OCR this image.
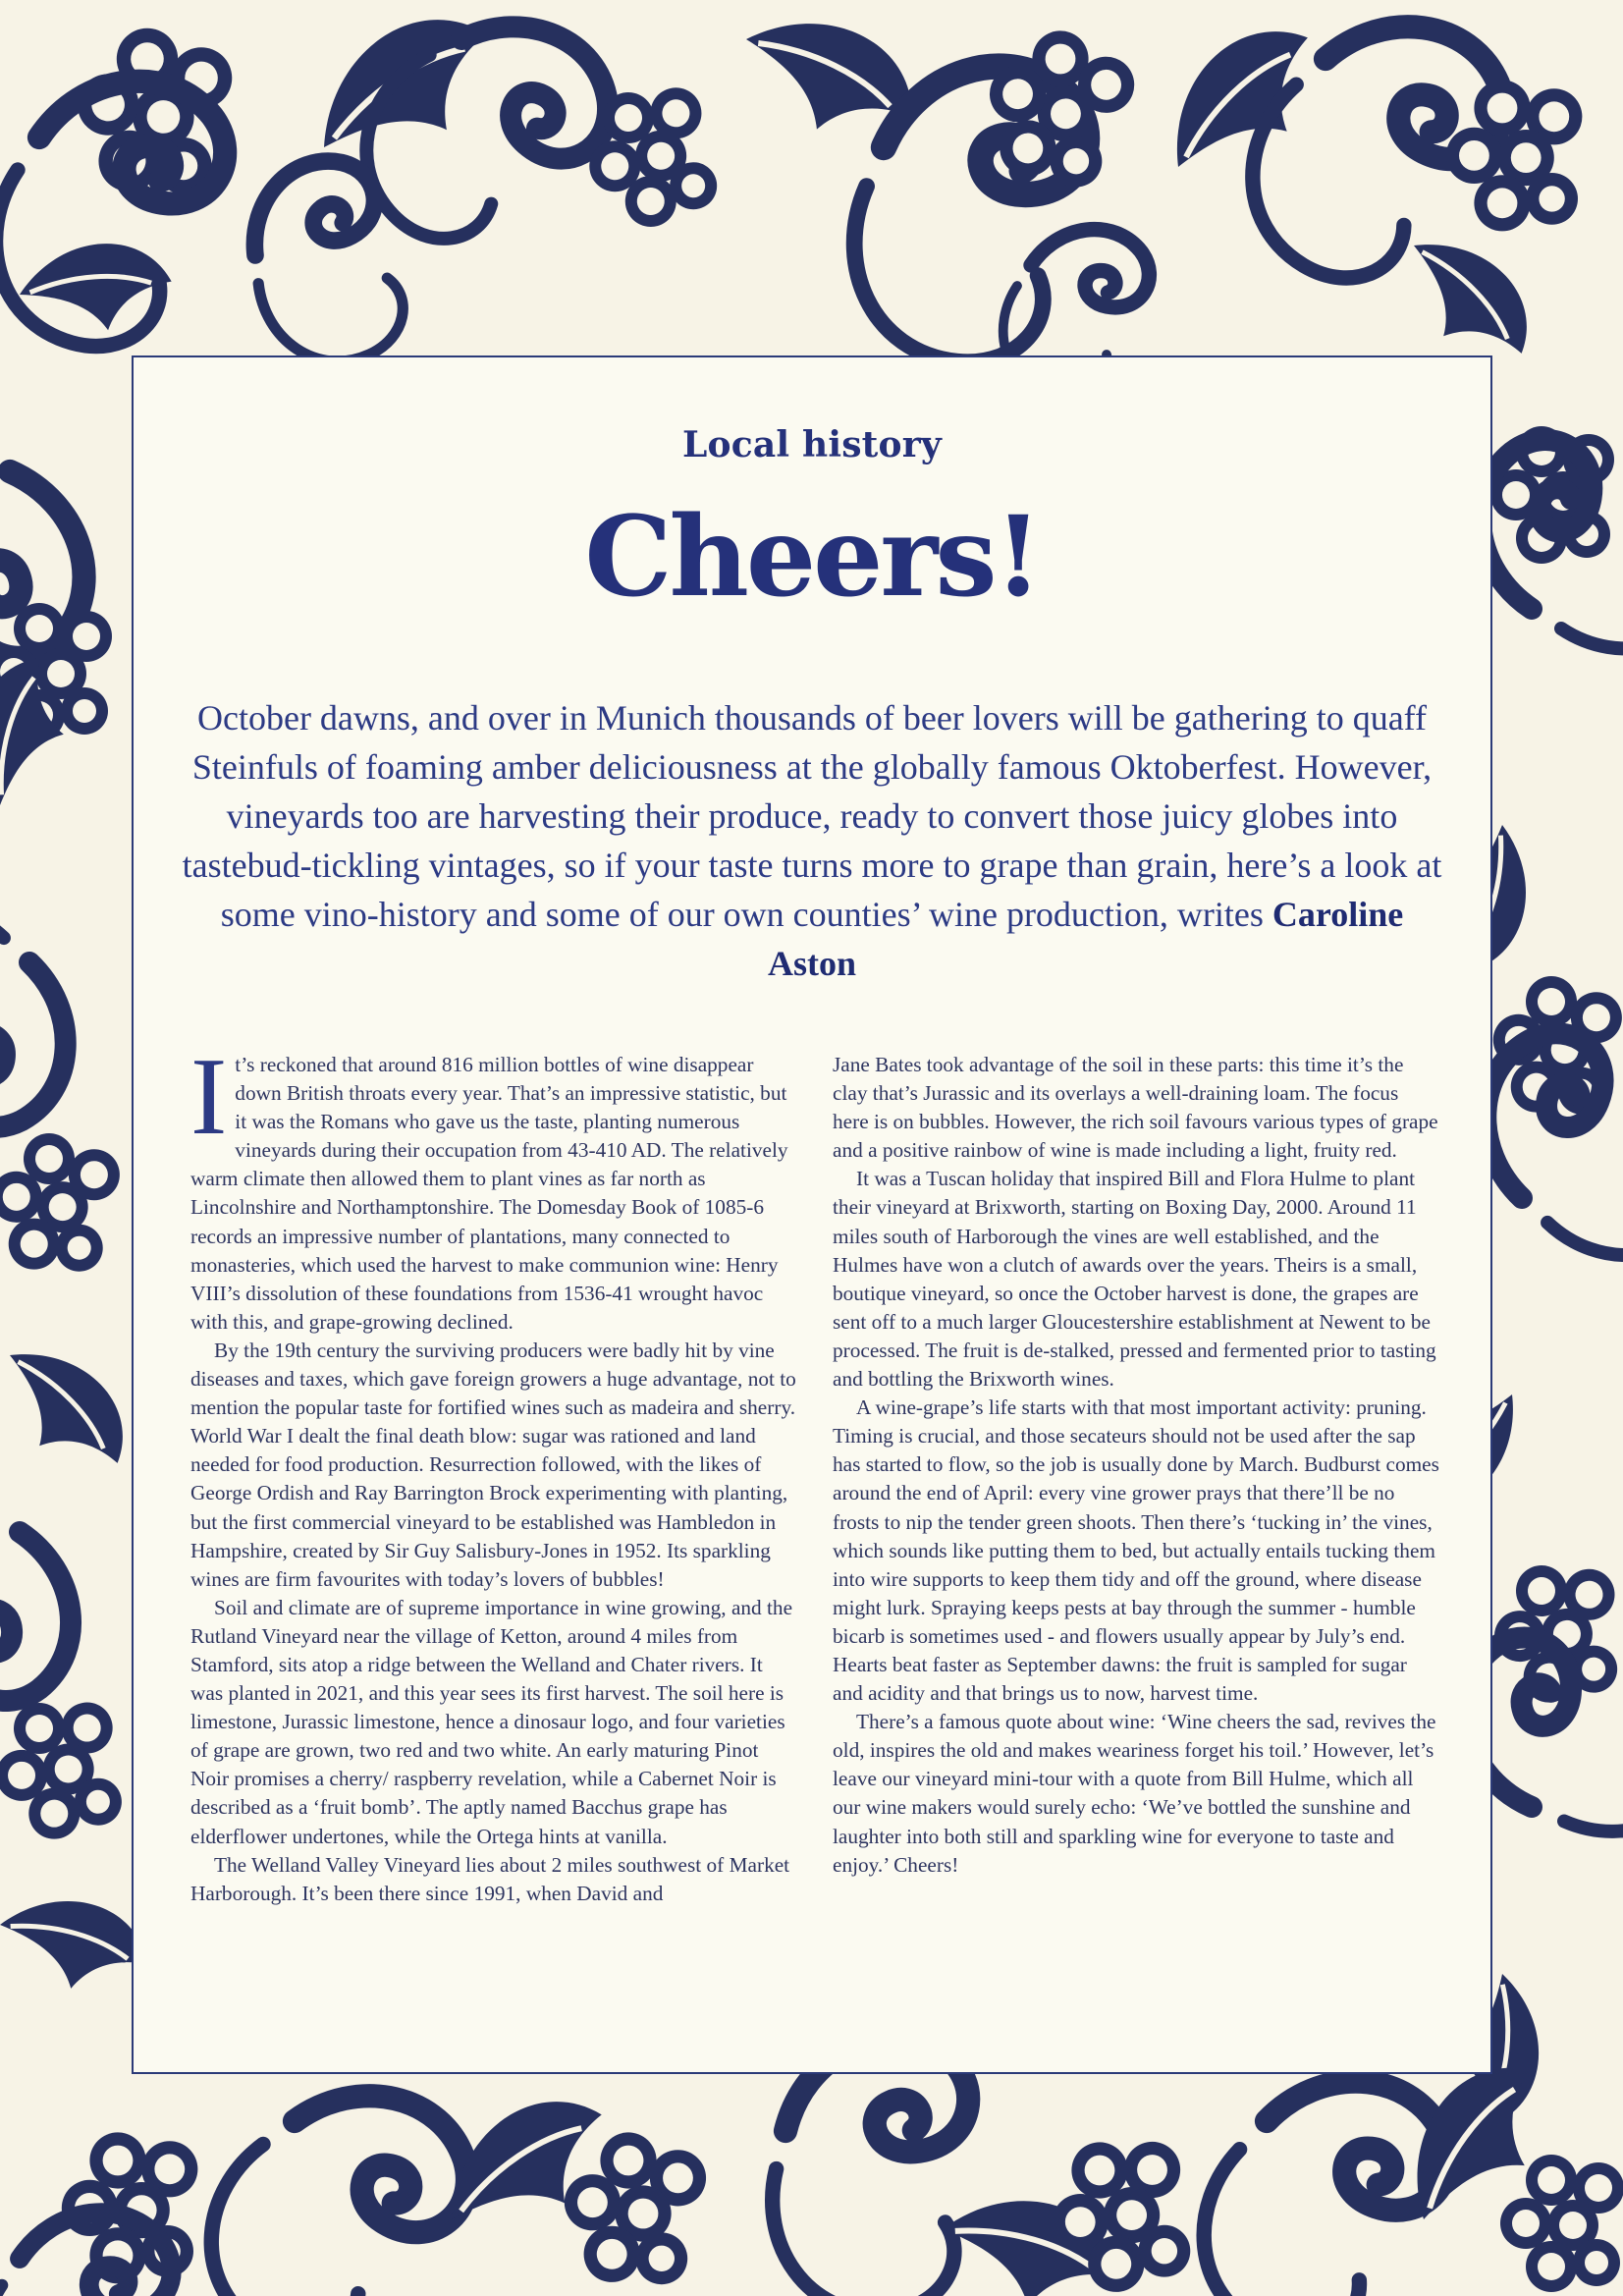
Local history
Cheers!
October dawns, and over in Munich thousands of beer lovers will be gathering to quaff Steinfuls of foaming amber deliciousness at the globally famous Oktoberfest. However, vineyards too are harvesting their produce, ready to convert those juicy globes into tastebud-tickling vintages, so if your taste turns more to grape than grain, here’s a look at some vino-history and some of our own counties’ wine production, writes Caroline Aston

It’s reckoned that around 816 million bottles of wine disappear down British throats every year. That’s an impressive statistic, but it was the Romans who gave us the taste, planting numerous vineyards during their occupation from 43-410 AD. The relatively warm climate then allowed them to plant vines as far north as Lincolnshire and Northamptonshire. The Domesday Book of 1085-6 records an impressive number of plantations, many connected to monasteries, which used the harvest to make communion wine: Henry VIII’s dissolution of these foundations from 1536-41 wrought havoc with this, and grape-growing declined.

By the 19th century the surviving producers were badly hit by vine diseases and taxes, which gave foreign growers a huge advantage, not to mention the popular taste for fortified wines such as madeira and sherry. World War I dealt the final death blow: sugar was rationed and land needed for food production. Resurrection followed, with the likes of George Ordish and Ray Barrington Brock experimenting with planting, but the first commercial vineyard to be established was Hambledon in Hampshire, created by Sir Guy Salisbury-Jones in 1952. Its sparkling wines are firm favourites with today’s lovers of bubbles!

Soil and climate are of supreme importance in wine growing, and the Rutland Vineyard near the village of Ketton, around 4 miles from Stamford, sits atop a ridge between the Welland and Chater rivers. It was planted in 2021, and this year sees its first harvest. The soil here is limestone, Jurassic limestone, hence a dinosaur logo, and four varieties of grape are grown, two red and two white. An early maturing Pinot Noir promises a cherry/ raspberry revelation, while a Cabernet Noir is described as a ‘fruit bomb’. The aptly named Bacchus grape has elderflower undertones, while the Ortega hints at vanilla.

The Welland Valley Vineyard lies about 2 miles southwest of Market Harborough. It’s been there since 1991, when David and

Jane Bates took advantage of the soil in these parts: this time it’s the clay that’s Jurassic and its overlays a well-draining loam. The focus here is on bubbles. However, the rich soil favours various types of grape and a positive rainbow of wine is made including a light, fruity red.

It was a Tuscan holiday that inspired Bill and Flora Hulme to plant their vineyard at Brixworth, starting on Boxing Day, 2000. Around 11 miles south of Harborough the vines are well established, and the Hulmes have won a clutch of awards over the years. Theirs is a small, boutique vineyard, so once the October harvest is done, the grapes are sent off to a much larger Gloucestershire establishment at Newent to be processed. The fruit is de-stalked, pressed and fermented prior to tasting and bottling the Brixworth wines.

A wine-grape’s life starts with that most important activity: pruning. Timing is crucial, and those secateurs should not be used after the sap has started to flow, so the job is usually done by March. Budburst comes around the end of April: every vine grower prays that there’ll be no frosts to nip the tender green shoots. Then there’s ‘tucking in’ the vines, which sounds like putting them to bed, but actually entails tucking them into wire supports to keep them tidy and off the ground, where disease might lurk. Spraying keeps pests at bay through the summer - humble bicarb is sometimes used - and flowers usually appear by July’s end. Hearts beat faster as September dawns: the fruit is sampled for sugar and acidity and that brings us to now, harvest time.

There’s a famous quote about wine: ‘Wine cheers the sad, revives the old, inspires the old and makes weariness forget his toil.’ However, let’s leave our vineyard mini-tour with a quote from Bill Hulme, which all our wine makers would surely echo: ‘We’ve bottled the sunshine and laughter into both still and sparkling wine for everyone to taste and enjoy.’ Cheers!
